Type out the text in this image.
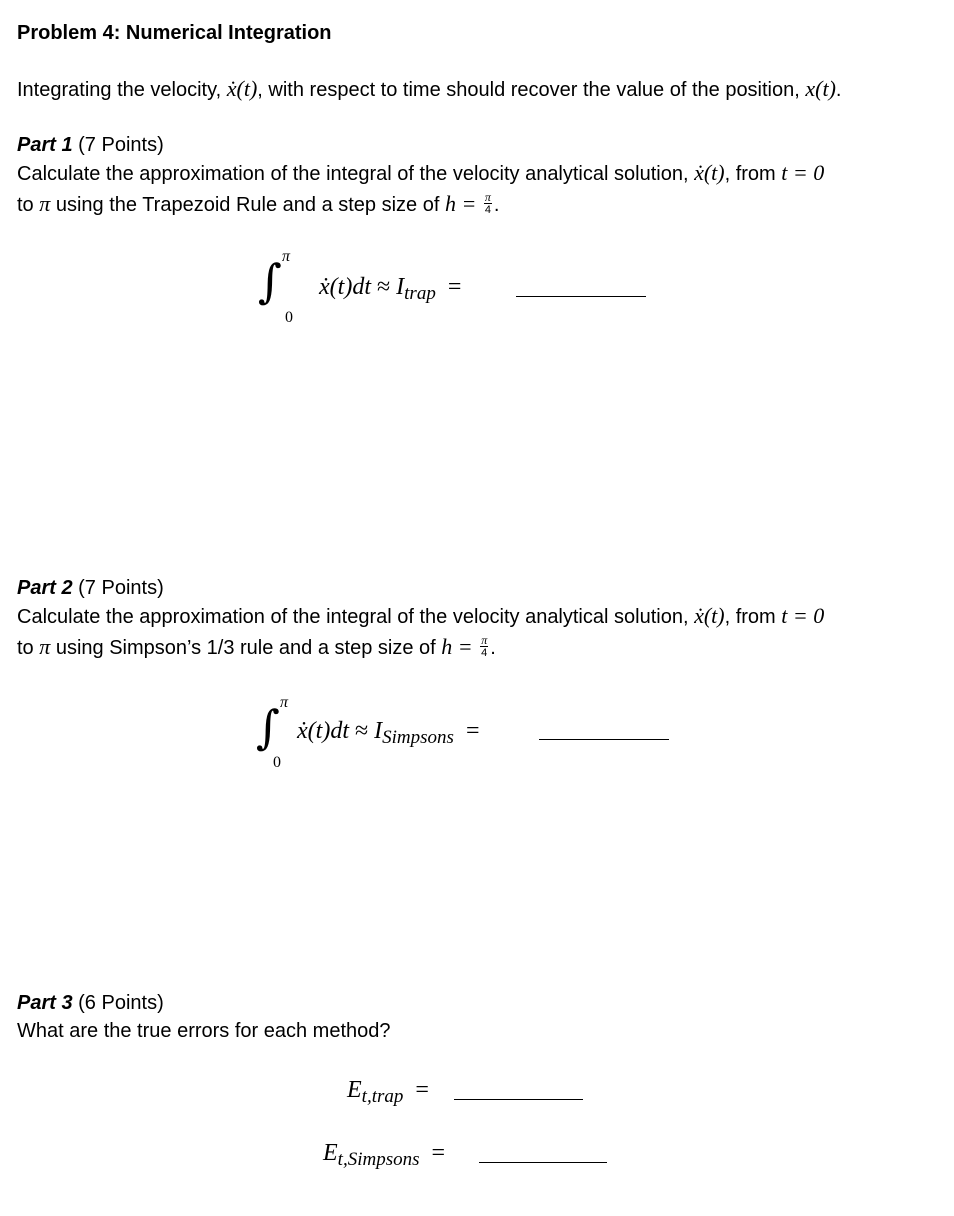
Problem 4: Numerical Integration
Integrating the velocity, ẋ(t), with respect to time should recover the value of the position, x(t).
Part 1 (7 Points)
Calculate the approximation of the integral of the velocity analytical solution, ẋ(t), from t = 0
to π using the Trapezoid Rule and a step size of $h = \frac{\pi}{4}$ .
∫ π
0
ẋ(t)dt ≈ $I_{trap}$ =
Part 2 (7 Points)
Calculate the approximation of the integral of the velocity analytical solution, ẋ(t), from t = 0
to π using Simpson’s 1/3 rule and a step size of $h = \frac{\pi}{4}$ .
∫ π
0
ẋ(t)dt ≈ $I_{Simpsons}$ =
Part 3 (6 Points)
What are the true errors for each method?
$E_{t,trap}$ =
$E_{t,Simpsons}$ =
